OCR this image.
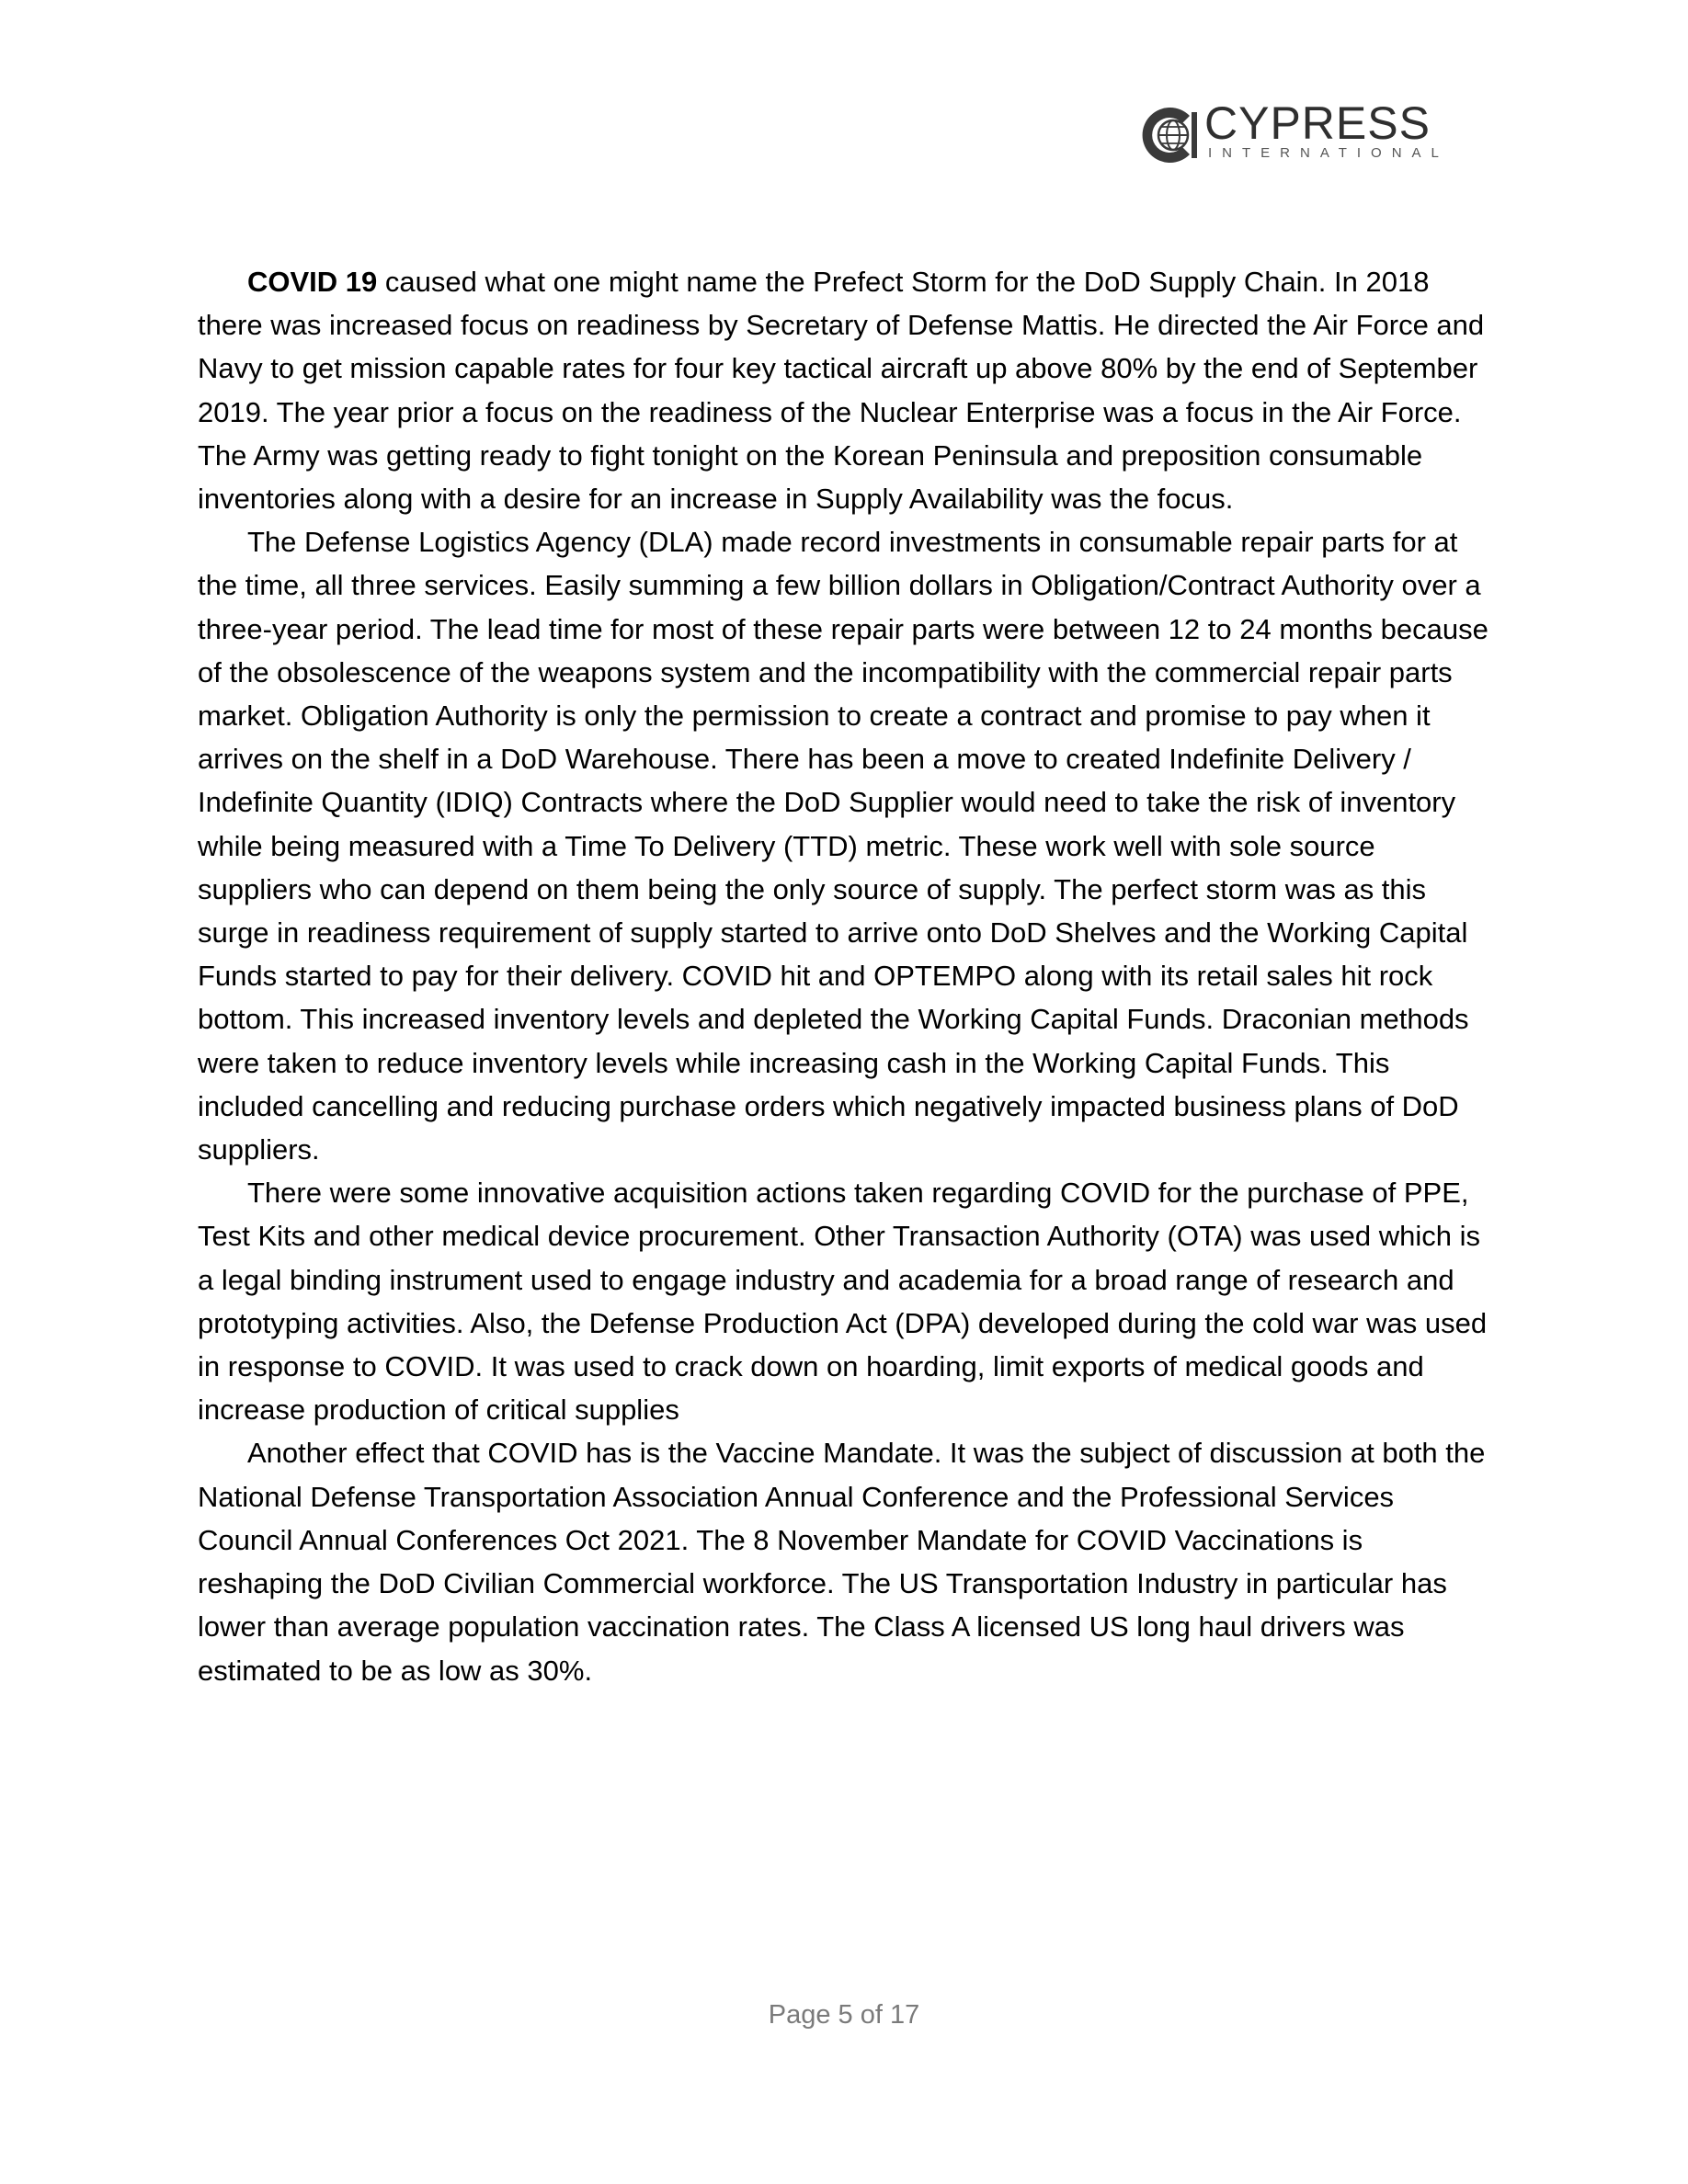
CYPRESS
INTERNATIONAL

COVID 19 caused what one might name the Prefect Storm for the DoD Supply Chain. In 2018 there was increased focus on readiness by Secretary of Defense Mattis. He directed the Air Force and Navy to get mission capable rates for four key tactical aircraft up above 80% by the end of September 2019. The year prior a focus on the readiness of the Nuclear Enterprise was a focus in the Air Force. The Army was getting ready to fight tonight on the Korean Peninsula and preposition consumable inventories along with a desire for an increase in Supply Availability was the focus.

The Defense Logistics Agency (DLA) made record investments in consumable repair parts for at the time, all three services. Easily summing a few billion dollars in Obligation/Contract Authority over a three-year period. The lead time for most of these repair parts were between 12 to 24 months because of the obsolescence of the weapons system and the incompatibility with the commercial repair parts market. Obligation Authority is only the permission to create a contract and promise to pay when it arrives on the shelf in a DoD Warehouse. There has been a move to created Indefinite Delivery / Indefinite Quantity (IDIQ) Contracts where the DoD Supplier would need to take the risk of inventory while being measured with a Time To Delivery (TTD) metric. These work well with sole source suppliers who can depend on them being the only source of supply. The perfect storm was as this surge in readiness requirement of supply started to arrive onto DoD Shelves and the Working Capital Funds started to pay for their delivery. COVID hit and OPTEMPO along with its retail sales hit rock bottom. This increased inventory levels and depleted the Working Capital Funds. Draconian methods were taken to reduce inventory levels while increasing cash in the Working Capital Funds. This included cancelling and reducing purchase orders which negatively impacted business plans of DoD suppliers.

There were some innovative acquisition actions taken regarding COVID for the purchase of PPE, Test Kits and other medical device procurement. Other Transaction Authority (OTA) was used which is a legal binding instrument used to engage industry and academia for a broad range of research and prototyping activities. Also, the Defense Production Act (DPA) developed during the cold war was used in response to COVID. It was used to crack down on hoarding, limit exports of medical goods and increase production of critical supplies

Another effect that COVID has is the Vaccine Mandate. It was the subject of discussion at both the National Defense Transportation Association Annual Conference and the Professional Services Council Annual Conferences Oct 2021. The 8 November Mandate for COVID Vaccinations is reshaping the DoD Civilian Commercial workforce. The US Transportation Industry in particular has lower than average population vaccination rates. The Class A licensed US long haul drivers was estimated to be as low as 30%.

Page 5 of 17
